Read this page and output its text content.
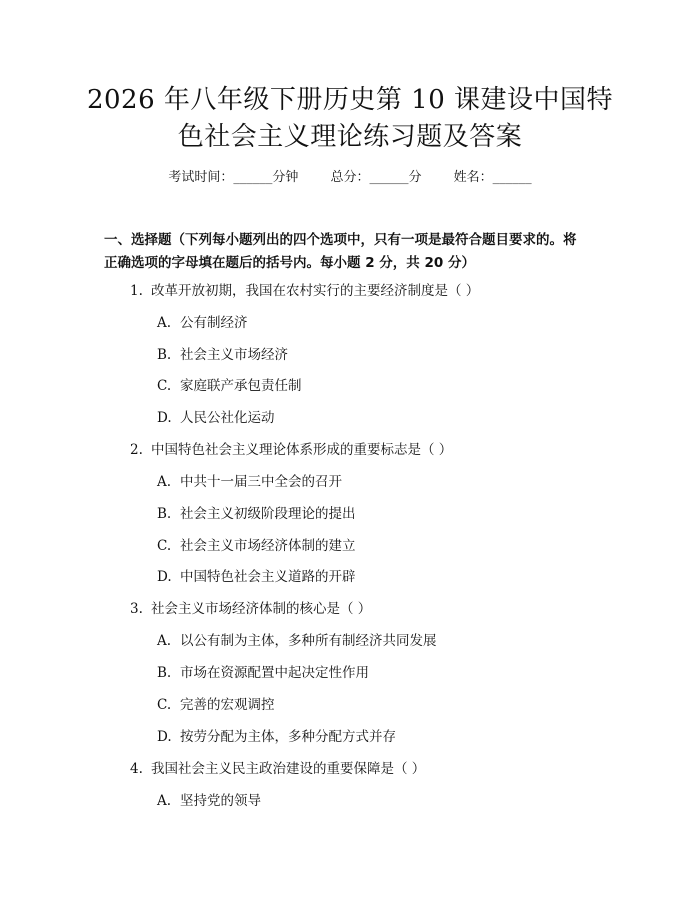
2026 年八年级下册历史第 10 课建设中国特
色社会主义理论练习题及答案
考试时间：______分钟 总分：______分 姓名：______
一、选择题（下列每小题列出的四个选项中，只有一项是最符合题目要求的。将
正确选项的字母填在题后的括号内。每小题 2 分，共 20 分）
1. 改革开放初期，我国在农村实行的主要经济制度是（ ）
A. 公有制经济
B. 社会主义市场经济
C. 家庭联产承包责任制
D. 人民公社化运动
2. 中国特色社会主义理论体系形成的重要标志是（ ）
A. 中共十一届三中全会的召开
B. 社会主义初级阶段理论的提出
C. 社会主义市场经济体制的建立
D. 中国特色社会主义道路的开辟
3. 社会主义市场经济体制的核心是（ ）
A. 以公有制为主体，多种所有制经济共同发展
B. 市场在资源配置中起决定性作用
C. 完善的宏观调控
D. 按劳分配为主体，多种分配方式并存
4. 我国社会主义民主政治建设的重要保障是（ ）
A. 坚持党的领导
